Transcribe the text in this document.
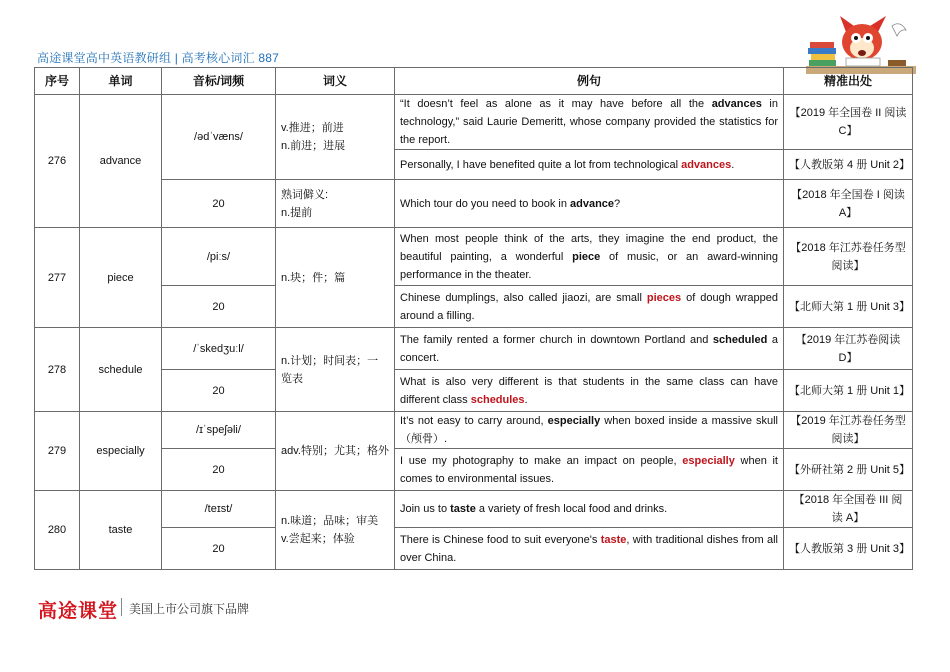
高途课堂高中英语教研组 | 高考核心词汇 887
序号	单词	音标/词频	词义	例句	精准出处
276	advance	/ədˈvæns/	v.推进；前进
n.前进；进展	“It doesn’t feel as alone as it may have before all the advances in technology,” said Laurie Demeritt, whose company provided the statistics for the report.	【2019 年全国卷 II 阅读 C】
				Personally, I have benefited quite a lot from technological advances.	【人教版第 4 册 Unit 2】
		20	熟词僻义:
n.提前	Which tour do you need to book in advance?	【2018 年全国卷 I 阅读 A】
277	piece	/piːs/	n.块；件；篇	When most people think of the arts, they imagine the end product, the beautiful painting, a wonderful piece of music, or an award-winning performance in the theater.	【2018 年江苏卷任务型阅读】
		20		Chinese dumplings, also called jiaozi, are small pieces of dough wrapped around a filling.	【北师大第 1 册 Unit 3】
278	schedule	/ˈskedʒuːl/	n.计划；时间表；一览表	The family rented a former church in downtown Portland and scheduled a concert.	【2019 年江苏卷阅读 D】
		20		What is also very different is that students in the same class can have different class schedules.	【北师大第 1 册 Unit 1】
279	especially	/ɪˈspeʃəli/	adv.特别；尤其；格外	It’s not easy to carry around, especially when boxed inside a massive skull（颅骨）.	【2019 年江苏卷任务型阅读】
		20		I use my photography to make an impact on people, especially when it comes to environmental issues.	【外研社第 2 册 Unit 5】
280	taste	/teɪst/	n.味道；品味；审美
v.尝起来；体验	Join us to taste a variety of fresh local food and drinks.	【2018 年全国卷 III 阅读 A】
		20		There is Chinese food to suit everyone's taste, with traditional dishes from all over China.	【人教版第 3 册 Unit 3】
高途课堂 美国上市公司旗下品牌
